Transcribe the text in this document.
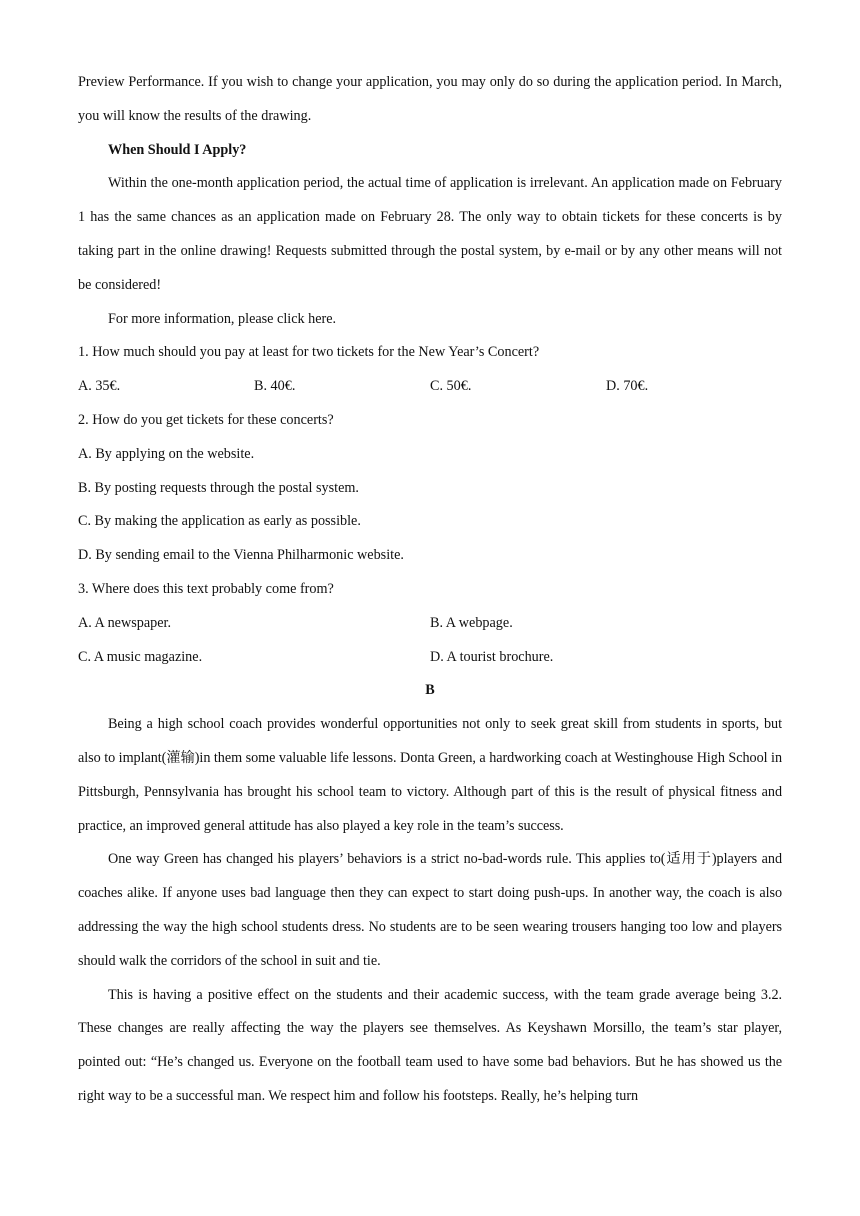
Preview Performance. If you wish to change your application, you may only do so during the application period. In March, you will know the results of the drawing.

When Should I Apply?

Within the one-month application period, the actual time of application is irrelevant. An application made on February 1 has the same chances as an application made on February 28. The only way to obtain tickets for these concerts is by taking part in the online drawing! Requests submitted through the postal system, by e-mail or by any other means will not be considered!

For more information, please click here.

1. How much should you pay at least for two tickets for the New Year’s Concert?

A. 35€.	B. 40€.	C. 50€.	D. 70€.

2. How do you get tickets for these concerts?

A. By applying on the website.

B. By posting requests through the postal system.

C. By making the application as early as possible.

D. By sending email to the Vienna Philharmonic website.

3. Where does this text probably come from?

A. A newspaper.	B. A webpage.
C. A music magazine.	D. A tourist brochure.

B

Being a high school coach provides wonderful opportunities not only to seek great skill from students in sports, but also to implant(灌输)in them some valuable life lessons. Donta Green, a hardworking coach at Westinghouse High School in Pittsburgh, Pennsylvania has brought his school team to victory. Although part of this is the result of physical fitness and practice, an improved general attitude has also played a key role in the team’s success.

One way Green has changed his players’ behaviors is a strict no-bad-words rule. This applies to(适用于)players and coaches alike. If anyone uses bad language then they can expect to start doing push-ups. In another way, the coach is also addressing the way the high school students dress. No students are to be seen wearing trousers hanging too low and players should walk the corridors of the school in suit and tie.

This is having a positive effect on the students and their academic success, with the team grade average being 3.2. These changes are really affecting the way the players see themselves. As Keyshawn Morsillo, the team’s star player, pointed out: “He’s changed us. Everyone on the football team used to have some bad behaviors. But he has showed us the right way to be a successful man. We respect him and follow his footsteps. Really, he’s helping turn
